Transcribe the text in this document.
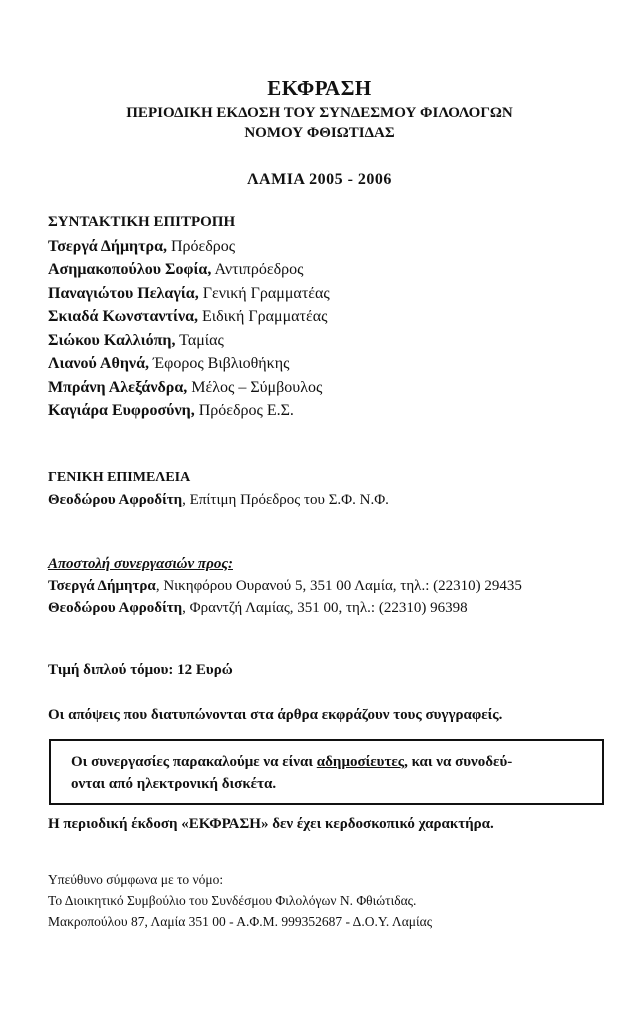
ΕΚΦΡΑΣΗ
ΠΕΡΙΟΔΙΚΗ ΕΚΔΟΣΗ ΤΟΥ ΣΥΝΔΕΣΜΟΥ ΦΙΛΟΛΟΓΩΝ
ΝΟΜΟΥ ΦΘΙΩΤΙΔΑΣ
ΛΑΜΙΑ 2005 - 2006
ΣΥΝΤΑΚΤΙΚΗ ΕΠΙΤΡΟΠΗ
Τσεργά Δήμητρα, Πρόεδρος
Ασημακοπούλου Σοφία, Αντιπρόεδρος
Παναγιώτου Πελαγία, Γενική Γραμματέας
Σκιαδά Κωνσταντίνα, Ειδική Γραμματέας
Σιώκου Καλλιόπη, Ταμίας
Λιανού Αθηνά, Έφορος Βιβλιοθήκης
Μπράνη Αλεξάνδρα, Μέλος – Σύμβουλος
Καγιάρα Ευφροσύνη, Πρόεδρος Ε.Σ.
ΓΕΝΙΚΗ ΕΠΙΜΕΛΕΙΑ
Θεοδώρου Αφροδίτη, Επίτιμη Πρόεδρος του Σ.Φ. Ν.Φ.
Αποστολή συνεργασιών προς:
Τσεργά Δήμητρα, Νικηφόρου Ουρανού 5, 351 00 Λαμία, τηλ.: (22310) 29435
Θεοδώρου Αφροδίτη, Φραντζή Λαμίας, 351 00, τηλ.: (22310) 96398
Τιμή διπλού τόμου: 12 Ευρώ
Οι απόψεις που διατυπώνονται στα άρθρα εκφράζουν τους συγγραφείς.
Οι συνεργασίες παρακαλούμε να είναι αδημοσίευτες, και να συνοδεύ-
ονται από ηλεκτρονική δισκέτα.
Η περιοδική έκδοση «ΕΚΦΡΑΣΗ» δεν έχει κερδοσκοπικό χαρακτήρα.
Υπεύθυνο σύμφωνα με το νόμο:
Το Διοικητικό Συμβούλιο του Συνδέσμου Φιλολόγων Ν. Φθιώτιδας.
Μακροπούλου 87, Λαμία 351 00 - Α.Φ.Μ. 999352687 - Δ.Ο.Υ. Λαμίας
